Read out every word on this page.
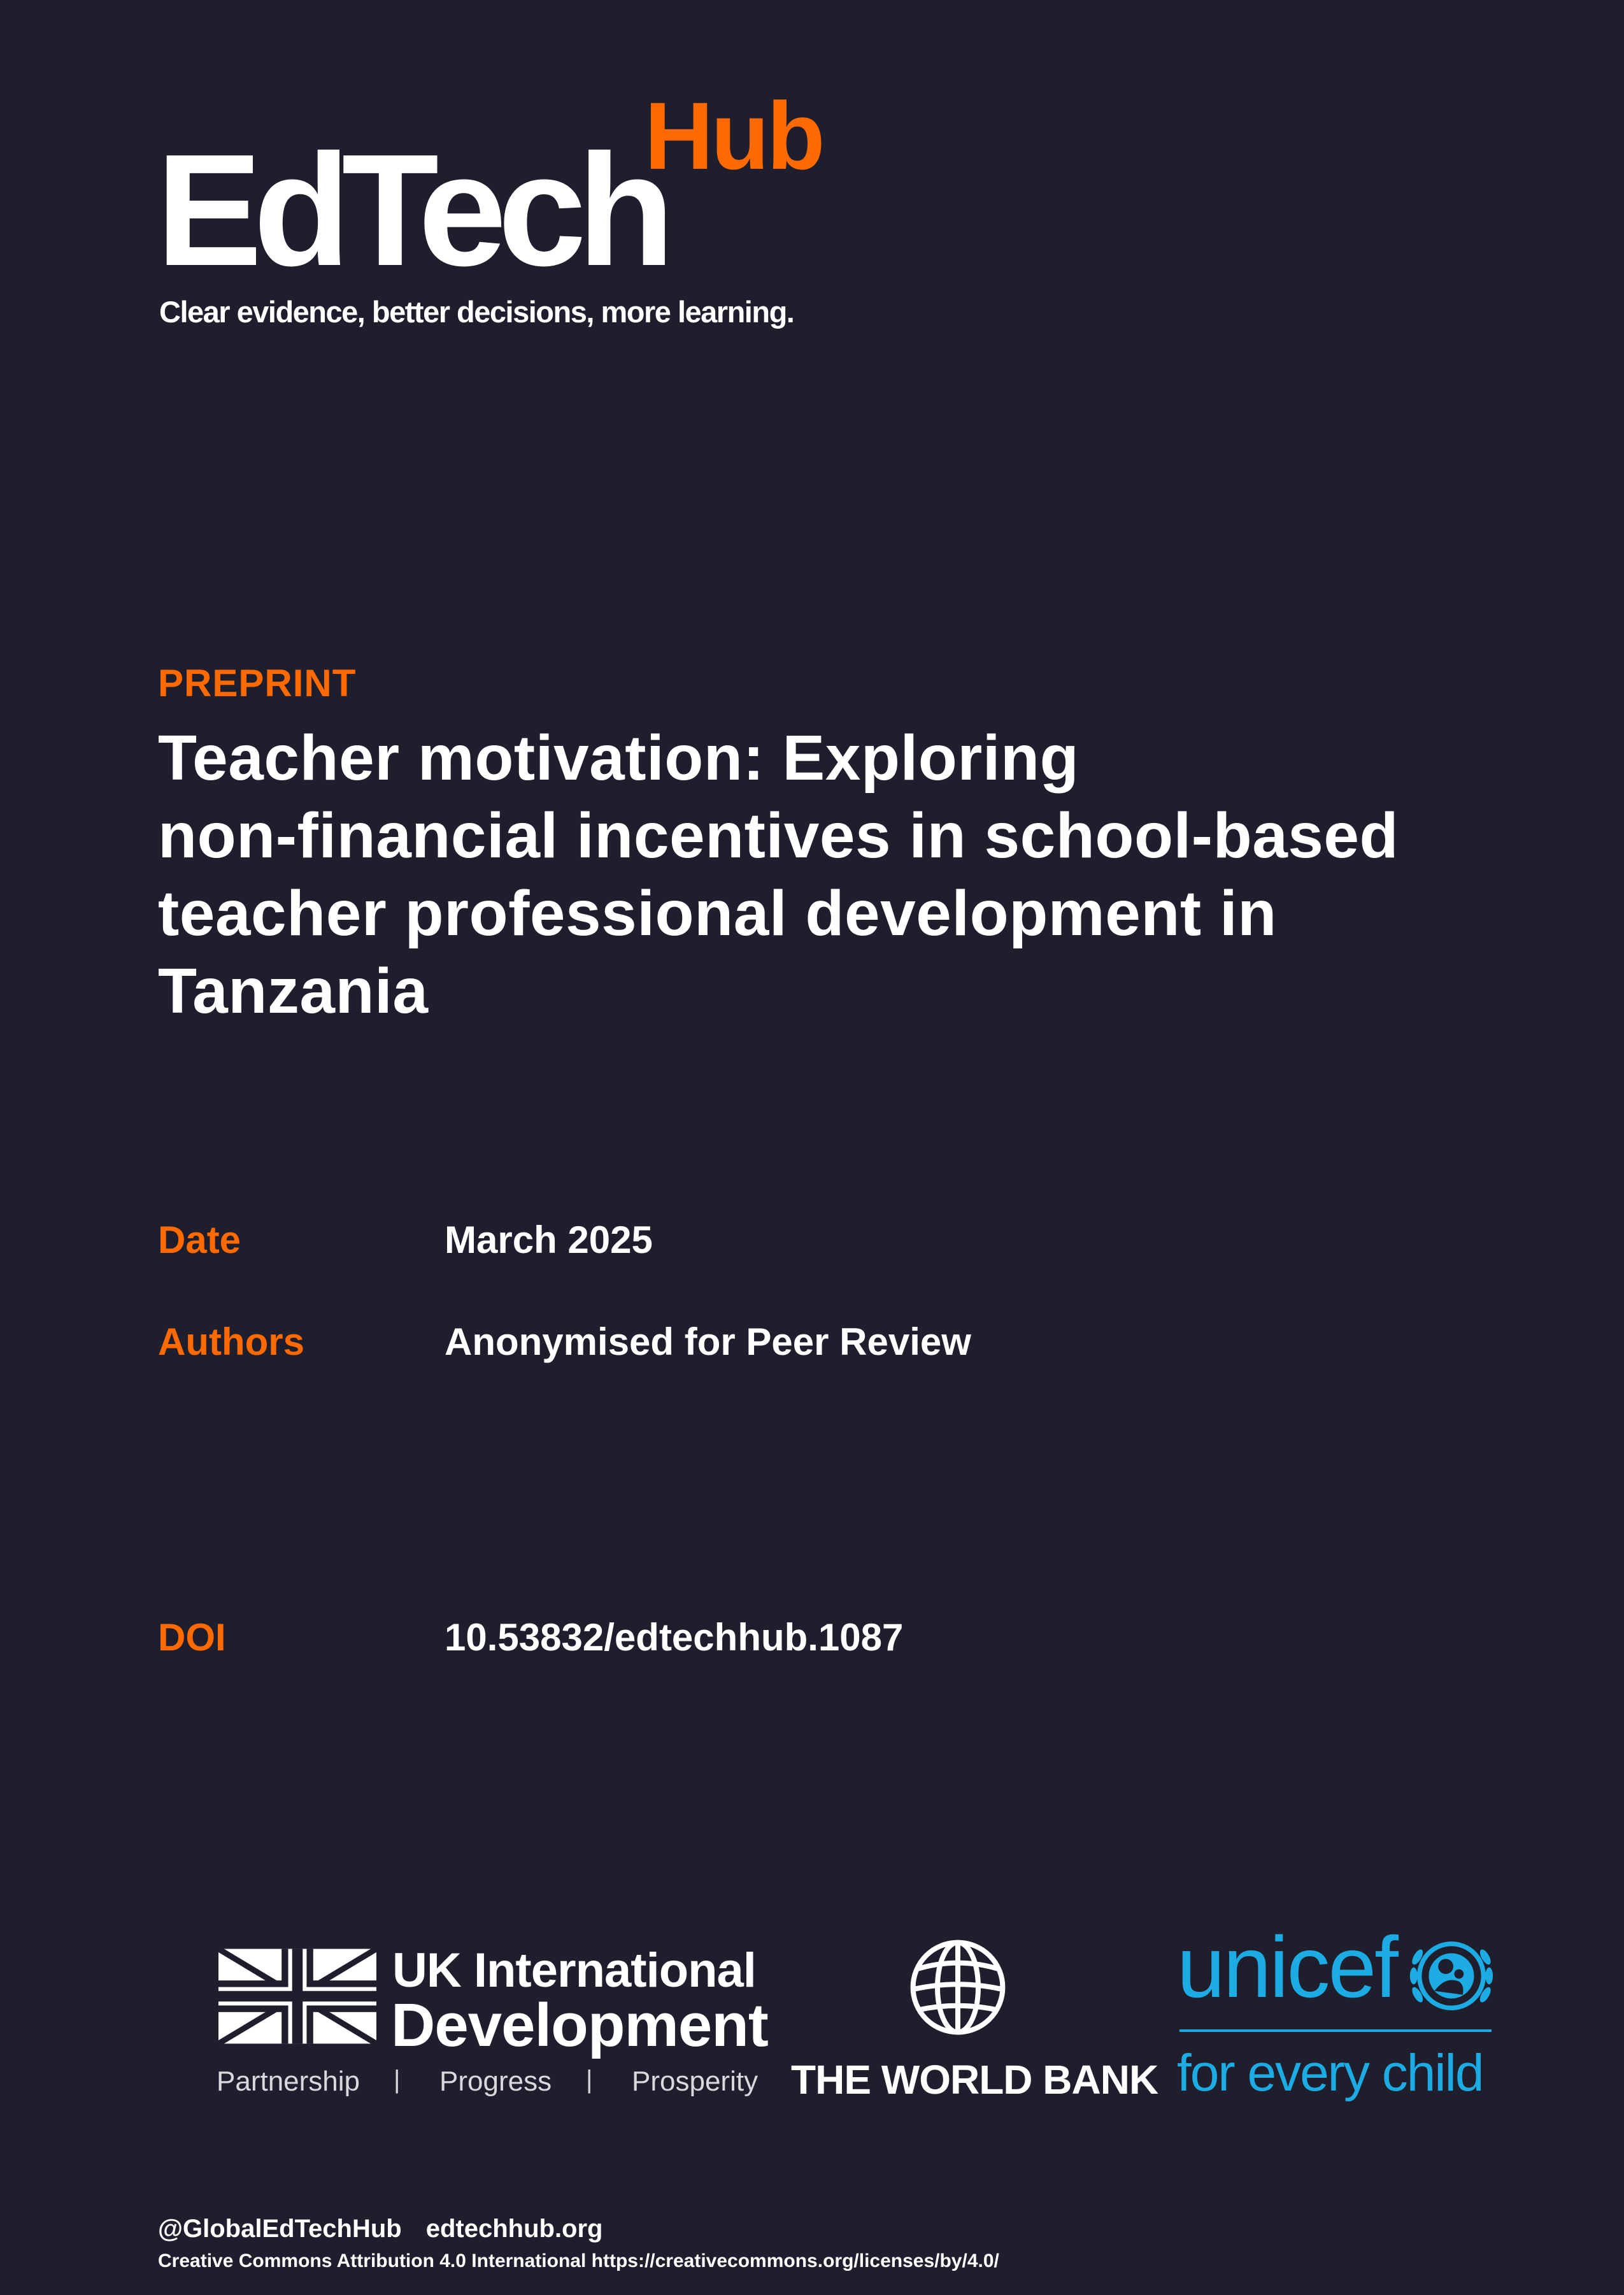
EdTech
Hub
Clear evidence, better decisions, more learning.
PREPRINT
Teacher motivation: Exploring
non-financial incentives in school-based
teacher professional development in
Tanzania
Date	March 2025
Authors	Anonymised for Peer Review
DOI	10.53832/edtechhub.1087
UK International
Development
Partnership | Progress | Prosperity THE WORLD BANK
unicef
for every child
@GlobalEdTechHub edtechhub.org
Creative Commons Attribution 4.0 International https://creativecommons.org/licenses/by/4.0/
